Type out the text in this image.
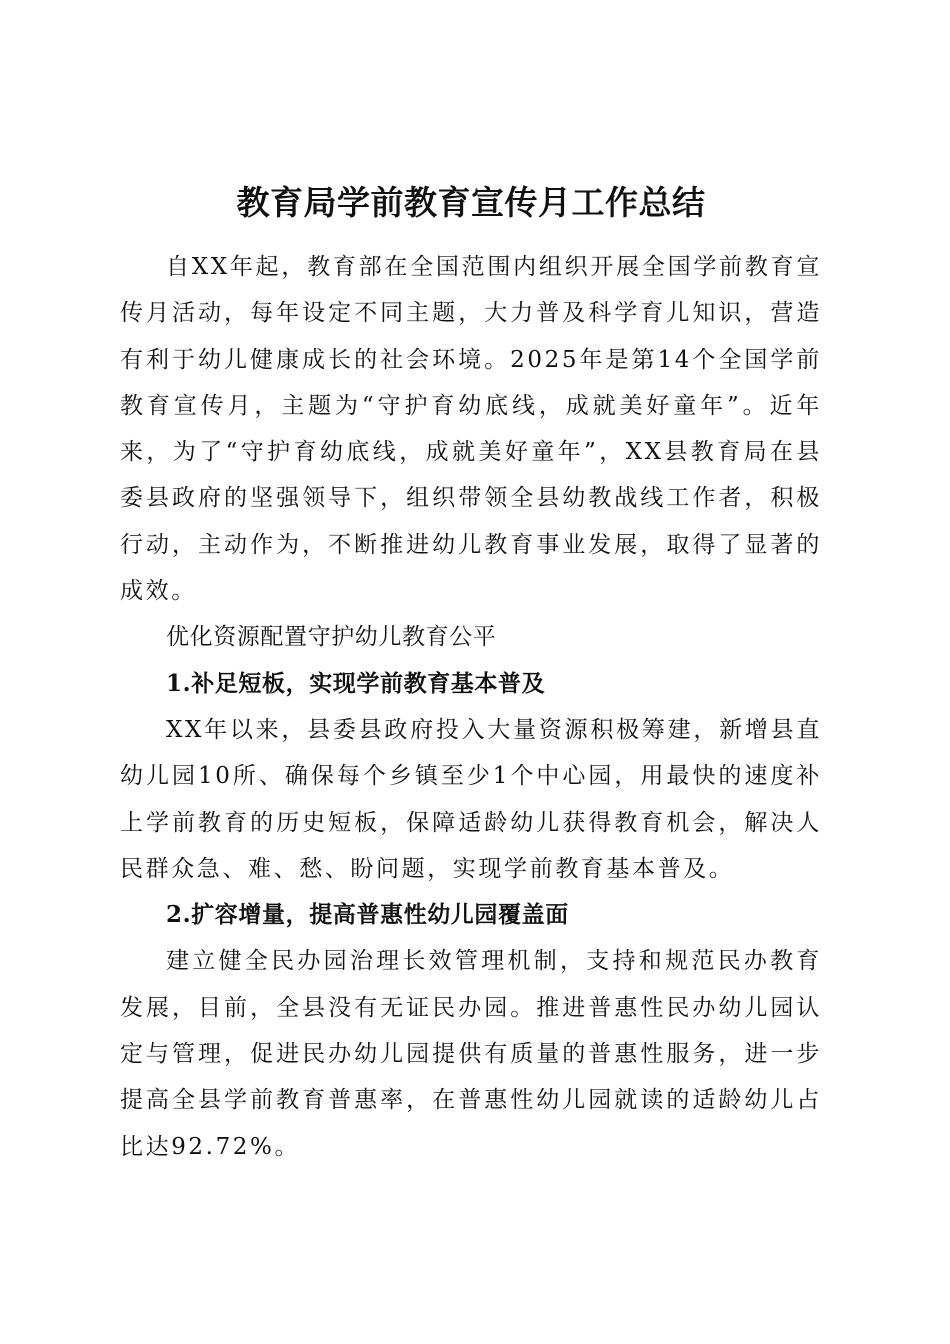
教育局学前教育宣传月工作总结

自XX年起，教育部在全国范围内组织开展全国学前教育宣传月活动，每年设定不同主题，大力普及科学育儿知识，营造有利于幼儿健康成长的社会环境。2025年是第14个全国学前教育宣传月，主题为“守护育幼底线，成就美好童年”。近年来，为了“守护育幼底线，成就美好童年”，XX县教育局在县委县政府的坚强领导下，组织带领全县幼教战线工作者，积极行动，主动作为，不断推进幼儿教育事业发展，取得了显著的成效。

优化资源配置守护幼儿教育公平

1.补足短板，实现学前教育基本普及

XX年以来，县委县政府投入大量资源积极筹建，新增县直幼儿园10所、确保每个乡镇至少1个中心园，用最快的速度补上学前教育的历史短板，保障适龄幼儿获得教育机会，解决人民群众急、难、愁、盼问题，实现学前教育基本普及。

2.扩容增量，提高普惠性幼儿园覆盖面

建立健全民办园治理长效管理机制，支持和规范民办教育发展，目前，全县没有无证民办园。推进普惠性民办幼儿园认定与管理，促进民办幼儿园提供有质量的普惠性服务，进一步提高全县学前教育普惠率，在普惠性幼儿园就读的适龄幼儿占比达92.72%。
